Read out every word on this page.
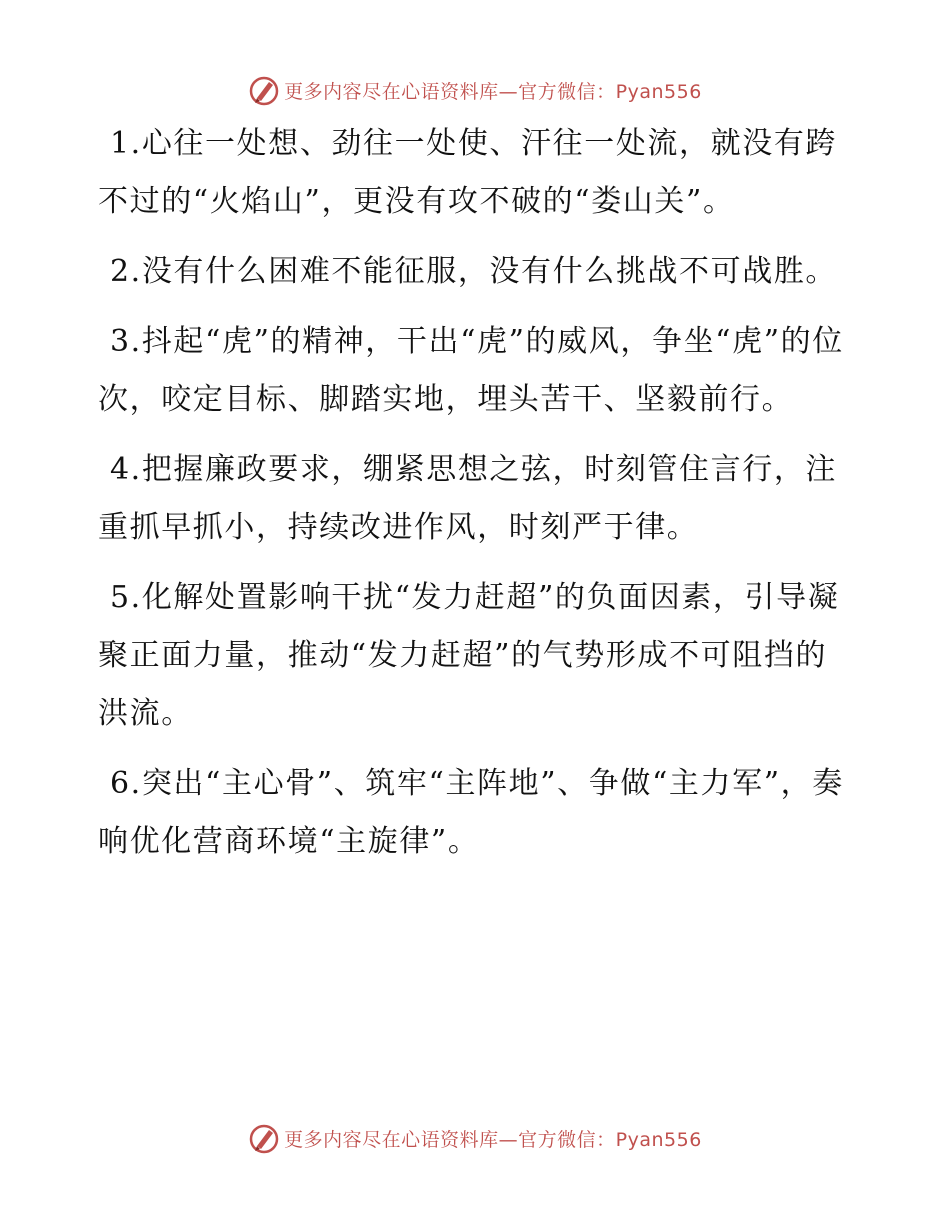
更多内容尽在心语资料库—官方微信：Pyan556

1.心往一处想、劲往一处使、汗往一处流，就没有跨不过的“火焰山”，更没有攻不破的“娄山关”。

2.没有什么困难不能征服，没有什么挑战不可战胜。

3.抖起“虎”的精神，干出“虎”的威风，争坐“虎”的位次，咬定目标、脚踏实地，埋头苦干、坚毅前行。

4.把握廉政要求，绷紧思想之弦，时刻管住言行，注重抓早抓小，持续改进作风，时刻严于律。

5.化解处置影响干扰“发力赶超”的负面因素，引导凝聚正面力量，推动“发力赶超”的气势形成不可阻挡的洪流。

6.突出“主心骨”、筑牢“主阵地”、争做“主力军”，奏响优化营商环境“主旋律”。

更多内容尽在心语资料库—官方微信：Pyan556
